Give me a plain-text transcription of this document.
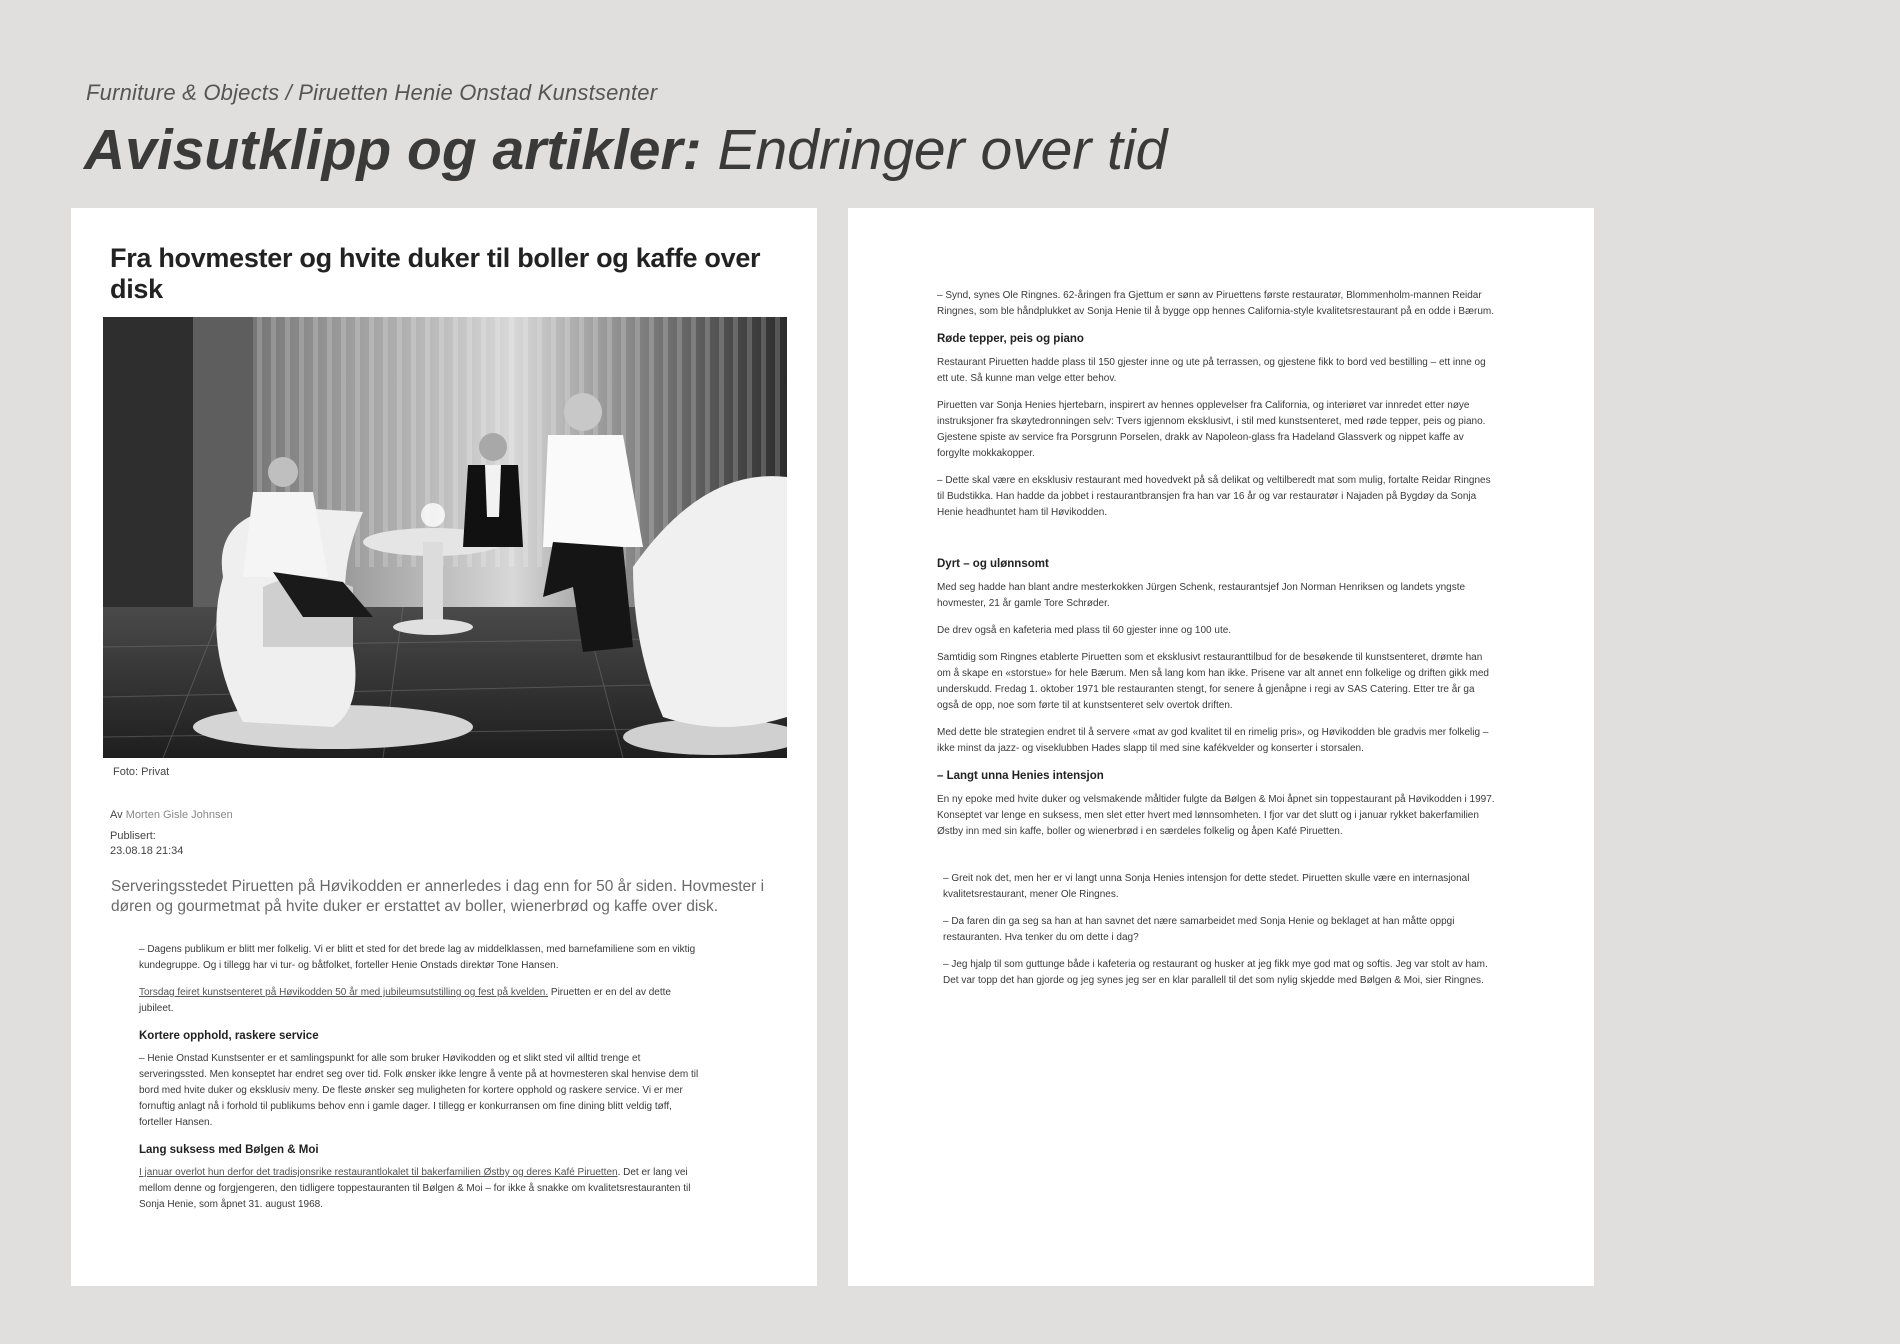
Furniture & Objects / Piruetten Henie Onstad Kunstsenter
Avisutklipp og artikler: Endringer over tid
Fra hovmester og hvite duker til boller og kaffe over disk
Foto: Privat
Av Morten Gisle Johnsen
Publisert:
23.08.18 21:34
Serveringsstedet Piruetten på Høvikodden er annerledes i dag enn for 50 år siden. Hovmester i døren og gourmetmat på hvite duker er erstattet av boller, wienerbrød og kaffe over disk.

– Dagens publikum er blitt mer folkelig. Vi er blitt et sted for det brede lag av middelklassen, med barnefamiliene som en viktig kundegruppe. Og i tillegg har vi tur- og båtfolket, forteller Henie Onstads direktør Tone Hansen.

Torsdag feiret kunstsenteret på Høvikodden 50 år med jubileumsutstilling og fest på kvelden. Piruetten er en del av dette jubileet.

Kortere opphold, raskere service

– Henie Onstad Kunstsenter er et samlingspunkt for alle som bruker Høvikodden og et slikt sted vil alltid trenge et serveringssted. Men konseptet har endret seg over tid. Folk ønsker ikke lengre å vente på at hovmesteren skal henvise dem til bord med hvite duker og eksklusiv meny. De fleste ønsker seg muligheten for kortere opphold og raskere service. Vi er mer fornuftig anlagt nå i forhold til publikums behov enn i gamle dager. I tillegg er konkurransen om fine dining blitt veldig tøff, forteller Hansen.

Lang suksess med Bølgen & Moi

I januar overlot hun derfor det tradisjonsrike restaurantlokalet til bakerfamilien Østby og deres Kafé Piruetten. Det er lang vei mellom denne og forgjengeren, den tidligere toppestauranten til Bølgen & Moi – for ikke å snakke om kvalitetsrestauranten til Sonja Henie, som åpnet 31. august 1968.

– Synd, synes Ole Ringnes. 62-åringen fra Gjettum er sønn av Piruettens første restauratør, Blommenholm-mannen Reidar Ringnes, som ble håndplukket av Sonja Henie til å bygge opp hennes California-style kvalitetsrestaurant på en odde i Bærum.

Røde tepper, peis og piano

Restaurant Piruetten hadde plass til 150 gjester inne og ute på terrassen, og gjestene fikk to bord ved bestilling – ett inne og ett ute. Så kunne man velge etter behov.

Piruetten var Sonja Henies hjertebarn, inspirert av hennes opplevelser fra California, og interiøret var innredet etter nøye instruksjoner fra skøytedronningen selv: Tvers igjennom eksklusivt, i stil med kunstsenteret, med røde tepper, peis og piano. Gjestene spiste av service fra Porsgrunn Porselen, drakk av Napoleon-glass fra Hadeland Glassverk og nippet kaffe av forgylte mokkakopper.

– Dette skal være en eksklusiv restaurant med hovedvekt på så delikat og veltilberedt mat som mulig, fortalte Reidar Ringnes til Budstikka. Han hadde da jobbet i restaurantbransjen fra han var 16 år og var restauratør i Najaden på Bygdøy da Sonja Henie headhuntet ham til Høvikodden.

Dyrt – og ulønnsomt

Med seg hadde han blant andre mesterkokken Jürgen Schenk, restaurantsjef Jon Norman Henriksen og landets yngste hovmester, 21 år gamle Tore Schrøder.

De drev også en kafeteria med plass til 60 gjester inne og 100 ute.

Samtidig som Ringnes etablerte Piruetten som et eksklusivt restauranttilbud for de besøkende til kunstsenteret, drømte han om å skape en «storstue» for hele Bærum. Men så lang kom han ikke. Prisene var alt annet enn folkelige og driften gikk med underskudd. Fredag 1. oktober 1971 ble restauranten stengt, for senere å gjenåpne i regi av SAS Catering. Etter tre år ga også de opp, noe som førte til at kunstsenteret selv overtok driften.

Med dette ble strategien endret til å servere «mat av god kvalitet til en rimelig pris», og Høvikodden ble gradvis mer folkelig – ikke minst da jazz- og viseklubben Hades slapp til med sine kafékvelder og konserter i storsalen.

– Langt unna Henies intensjon

En ny epoke med hvite duker og velsmakende måltider fulgte da Bølgen & Moi åpnet sin toppestaurant på Høvikodden i 1997. Konseptet var lenge en suksess, men slet etter hvert med lønnsomheten. I fjor var det slutt og i januar rykket bakerfamilien Østby inn med sin kaffe, boller og wienerbrød i en særdeles folkelig og åpen Kafé Piruetten.

– Greit nok det, men her er vi langt unna Sonja Henies intensjon for dette stedet. Piruetten skulle være en internasjonal kvalitetsrestaurant, mener Ole Ringnes.

– Da faren din ga seg sa han at han savnet det nære samarbeidet med Sonja Henie og beklaget at han måtte oppgi restauranten. Hva tenker du om dette i dag?

– Jeg hjalp til som guttunge både i kafeteria og restaurant og husker at jeg fikk mye god mat og softis. Jeg var stolt av ham. Det var topp det han gjorde og jeg synes jeg ser en klar parallell til det som nylig skjedde med Bølgen & Moi, sier Ringnes.
